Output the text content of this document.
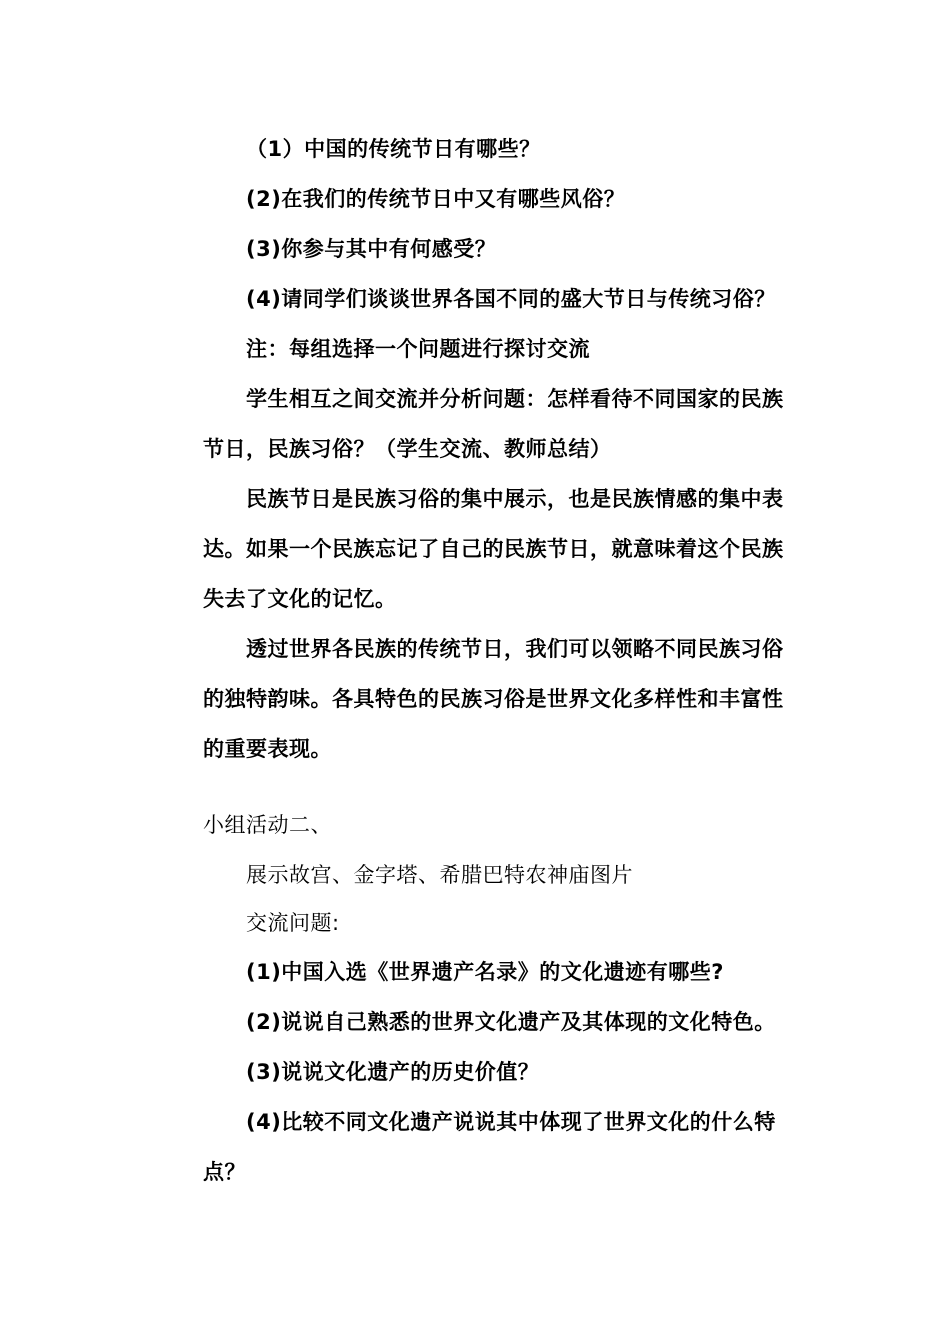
（1）中国的传统节日有哪些？
(2)在我们的传统节日中又有哪些风俗？
(3)你参与其中有何感受？
(4)请同学们谈谈世界各国不同的盛大节日与传统习俗？
注：每组选择一个问题进行探讨交流
学生相互之间交流并分析问题：怎样看待不同国家的民族
节日，民族习俗？（学生交流、教师总结）
民族节日是民族习俗的集中展示，也是民族情感的集中表
达。如果一个民族忘记了自己的民族节日，就意味着这个民族
失去了文化的记忆。
透过世界各民族的传统节日，我们可以领略不同民族习俗
的独特韵味。各具特色的民族习俗是世界文化多样性和丰富性
的重要表现。
小组活动二、
展示故宫、金字塔、希腊巴特农神庙图片
交流问题:
(1)中国入选《世界遗产名录》的文化遗迹有哪些?
(2)说说自己熟悉的世界文化遗产及其体现的文化特色。
(3)说说文化遗产的历史价值？
(4)比较不同文化遗产说说其中体现了世界文化的什么特
点？
